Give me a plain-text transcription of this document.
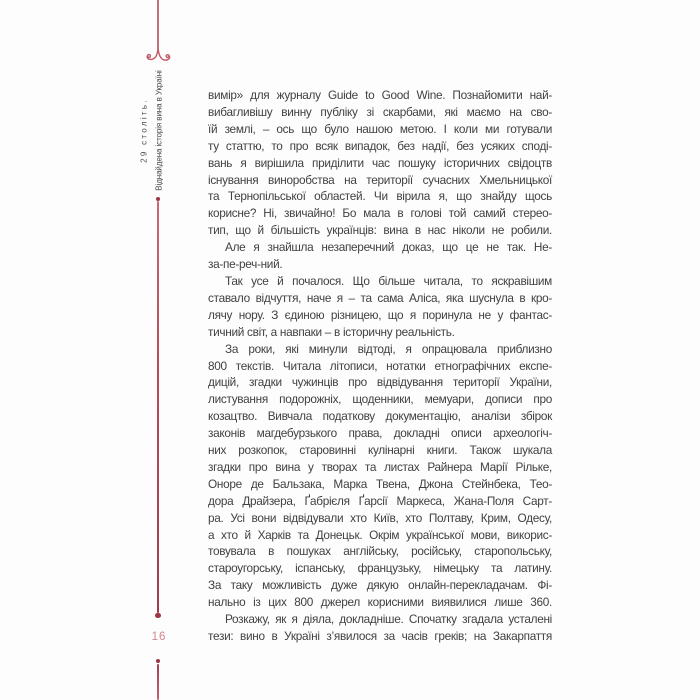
29 століть. Віднайдена історія вина в Україні
16
вимір» для журналу Guide to Good Wine. Познайомити най-
вибагливішу винну публіку зі скарбами, які маємо на сво-
їй землі, – ось що було нашою метою. І коли ми готували
ту статтю, то про всяк випадок, без надії, без усяких споді-
вань я вирішила приділити час пошуку історичних свідоцтв
існування виноробства на території сучасних Хмельницької
та Тернопільської областей. Чи вірила я, що знайду щось
корисне? Ні, звичайно! Бо мала в голові той самий стерео-
тип, що й більшість українців: вина в нас ніколи не робили.
Але я знайшла незаперечний доказ, що це не так. Не-
за-пе-реч-ний.
Так усе й почалося. Що більше читала, то яскравішим
ставало відчуття, наче я – та сама Аліса, яка шуснула в кро-
лячу нору. З єдиною різницею, що я поринула не у фантас-
тичний світ, а навпаки – в історичну реальність.
За роки, які минули відтоді, я опрацювала приблизно
800 текстів. Читала літописи, нотатки етнографічних експе-
дицій, згадки чужинців про відвідування території України,
листування подорожніх, щоденники, мемуари, дописи про
козацтво. Вивчала податкову документацію, аналізи збірок
законів магдебурзького права, докладні описи археологіч-
них розкопок, старовинні кулінарні книги. Також шукала
згадки про вина у творах та листах Райнера Марії Рільке,
Оноре де Бальзака, Марка Твена, Джона Стейнбека, Тео-
дора Драйзера, Ґабрієля Ґарсії Маркеса, Жана-Поля Сарт-
ра. Усі вони відвідували хто Київ, хто Полтаву, Крим, Одесу,
а хто й Харків та Донецьк. Окрім української мови, викорис-
товувала в пошуках англійську, російську, старопольську,
староугорську, іспанську, французьку, німецьку та латину.
За таку можливість дуже дякую онлайн-перекладачам. Фі-
нально із цих 800 джерел корисними виявилися лише 360.
Розкажу, як я діяла, докладніше. Спочатку згадала усталені
тези: вино в Україні з’явилося за часів греків; на Закарпаття
